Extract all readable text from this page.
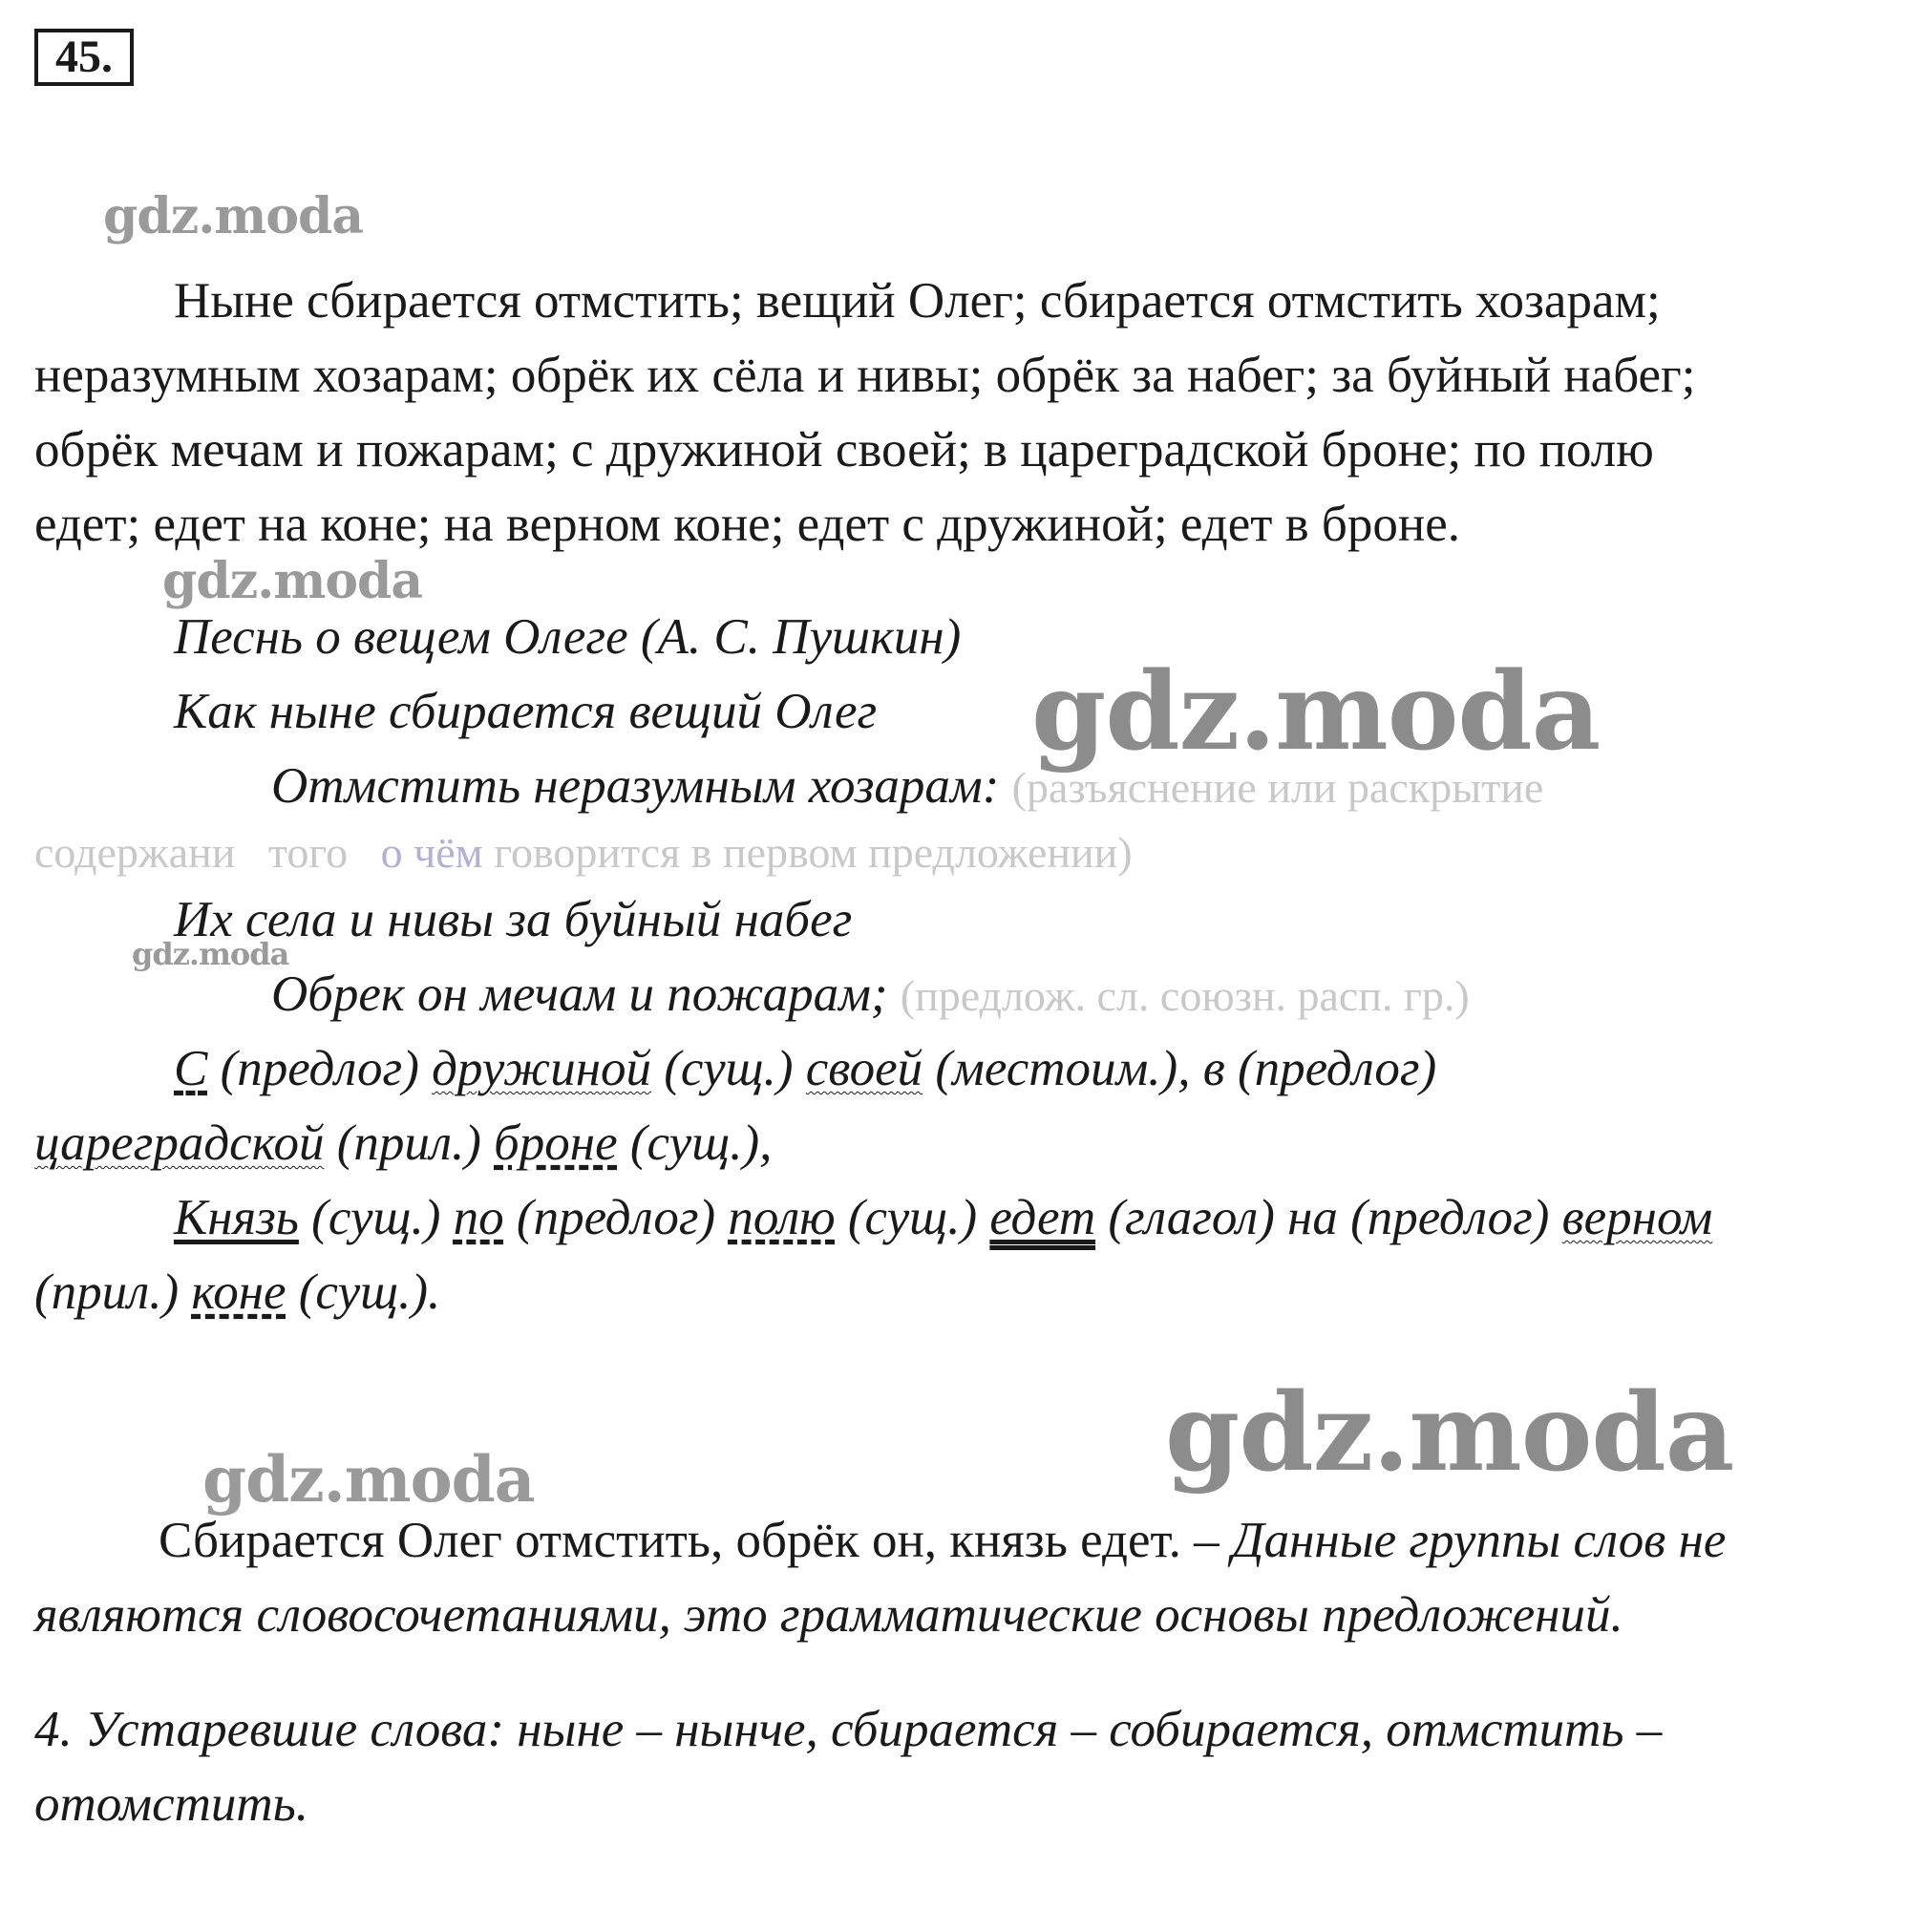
45.
gdz.moda
gdz.moda
gdz.moda
gdz.moda
gdz.moda
gdz.moda
Ныне сбирается отмстить; вещий Олег; сбирается отмстить хозарам;
неразумным хозарам; обрёк их сёла и нивы; обрёк за набег; за буйный набег;
обрёк мечам и пожарам; с дружиной своей; в цареградской броне; по полю
едет; едет на коне; на верном коне; едет с дружиной; едет в броне.
Песнь о вещем Олеге (А. С. Пушкин)
Как ныне сбирается вещий Олег
Отмстить неразумным хозарам: (разъяснение или раскрытие
содержани того о чём говорится в первом предложении)
Их села и нивы за буйный набег
Обрек он мечам и пожарам; (предлож. сл. союзн. расп. гр.)
С (предлог) дружиной (сущ.) своей (местоим.), в (предлог)
цареградской (прил.) броне (сущ.),
Князь (сущ.) по (предлог) полю (сущ.) едет (глагол) на (предлог) верном
(прил.) коне (сущ.).
Сбирается Олег отмстить, обрёк он, князь едет. – Данные группы слов не
являются словосочетаниями, это грамматические основы предложений.
4. Устаревшие слова: ныне – нынче, сбирается – собирается, отмстить –
отомстить.
